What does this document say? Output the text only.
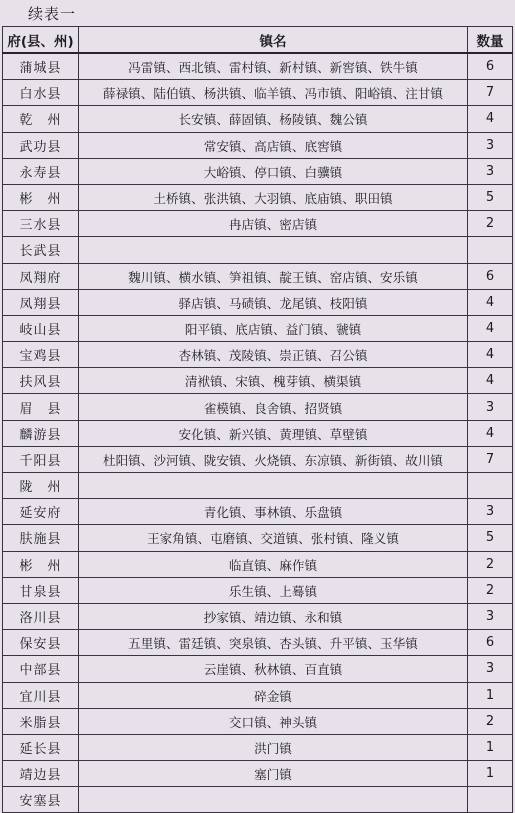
续表一
府(县、州)	镇名	数量
蒲城县	冯雷镇、西北镇、雷村镇、新村镇、新窖镇、铁牛镇	6
白水县	薛禄镇、陆伯镇、杨洪镇、临羊镇、冯市镇、阳峪镇、注甘镇	7
乾　州	长安镇、薛固镇、杨陵镇、魏公镇	4
武功县	常安镇、高店镇、底窖镇	3
永寿县	大峪镇、停口镇、白骥镇	3
彬　州	土桥镇、张洪镇、大羽镇、底庙镇、职田镇	5
三水县	冉店镇、密店镇	2
长武县		
凤翔府	魏川镇、横水镇、笋祖镇、靛王镇、窑店镇、安乐镇	6
凤翔县	驿店镇、马碛镇、龙尾镇、枝阳镇	4
岐山县	阳平镇、底店镇、益门镇、虢镇	4
宝鸡县	杏林镇、茂陵镇、崇正镇、召公镇	4
扶风县	清袱镇、宋镇、槐芽镇、横渠镇	4
眉　县	雀模镇、良舍镇、招贤镇	3
麟游县	安化镇、新兴镇、黄理镇、草壁镇	4
千阳县	杜阳镇、沙河镇、陇安镇、火烧镇、东凉镇、新街镇、故川镇	7
陇　州		
延安府	青化镇、事林镇、乐盘镇	3
肤施县	王家角镇、屯磨镇、交道镇、张村镇、隆义镇	5
彬　州	临直镇、麻作镇	2
甘泉县	乐生镇、上蓦镇	2
洛川县	抄家镇、靖边镇、永和镇	3
保安县	五里镇、雷廷镇、突泉镇、杏头镇、升平镇、玉华镇	6
中部县	云崖镇、秋林镇、百直镇	3
宜川县	碎金镇	1
米脂县	交口镇、神头镇	2
延长县	洪门镇	1
靖边县	塞门镇	1
安塞县		
